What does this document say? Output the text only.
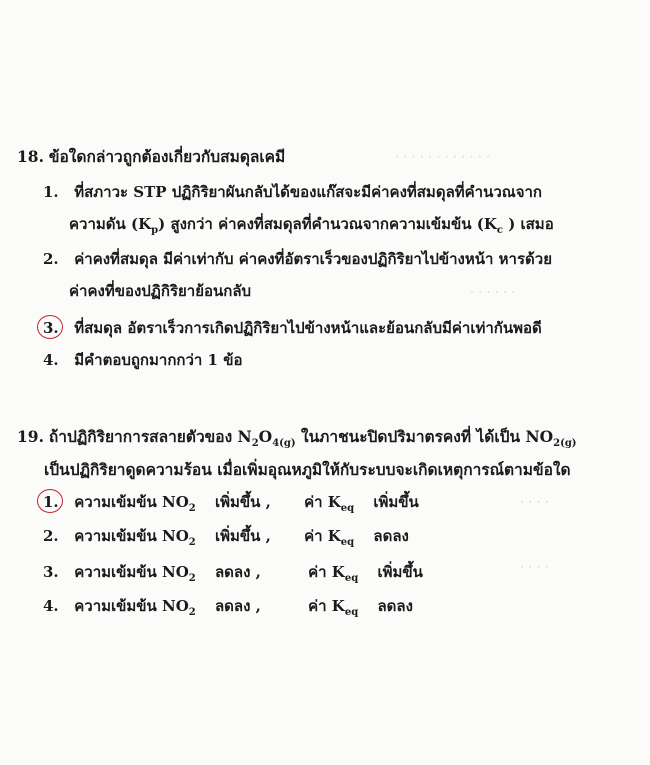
· · · · · · · · · · · ·
· · · · · ·
· · · ·
· · · ·
18. ข้อใดกล่าวถูกต้องเกี่ยวกับสมดุลเคมี
1. ที่สภาวะ STP ปฏิกิริยาผันกลับได้ของแก๊สจะมีค่าคงที่สมดุลที่คำนวณจาก
ความดัน $(K_p)$ สูงกว่า ค่าคงที่สมดุลที่คำนวณจากความเข้มข้น ($K_c$ ) เสมอ
2. ค่าคงที่สมดุล มีค่าเท่ากับ ค่าคงที่อัตราเร็วของปฏิกิริยาไปข้างหน้า หารด้วย
ค่าคงที่ของปฏิกิริยาย้อนกลับ
3. ที่สมดุล อัตราเร็วการเกิดปฏิกิริยาไปข้างหน้าและย้อนกลับมีค่าเท่ากันพอดี
4. มีคำตอบถูกมากกว่า 1 ข้อ
19. ถ้าปฏิกิริยาการสลายตัวของ $N_2O_{4(g)}$ ในภาชนะปิดปริมาตรคงที่ ได้เป็น $NO_{2(g)}$
เป็นปฏิกิริยาดูดความร้อน เมื่อเพิ่มอุณหภูมิให้กับระบบจะเกิดเหตุการณ์ตามข้อใด
1. ความเข้มข้น $NO_2$ เพิ่มขึ้น , ค่า $K_{eq}$ เพิ่มขึ้น
2. ความเข้มข้น $NO_2$ เพิ่มขึ้น , ค่า $K_{eq}$ ลดลง
3. ความเข้มข้น $NO_2$ ลดลง ,	ค่า $K_{eq}$ เพิ่มขึ้น
4. ความเข้มข้น $NO_2$ ลดลง ,	ค่า $K_{eq}$ ลดลง
